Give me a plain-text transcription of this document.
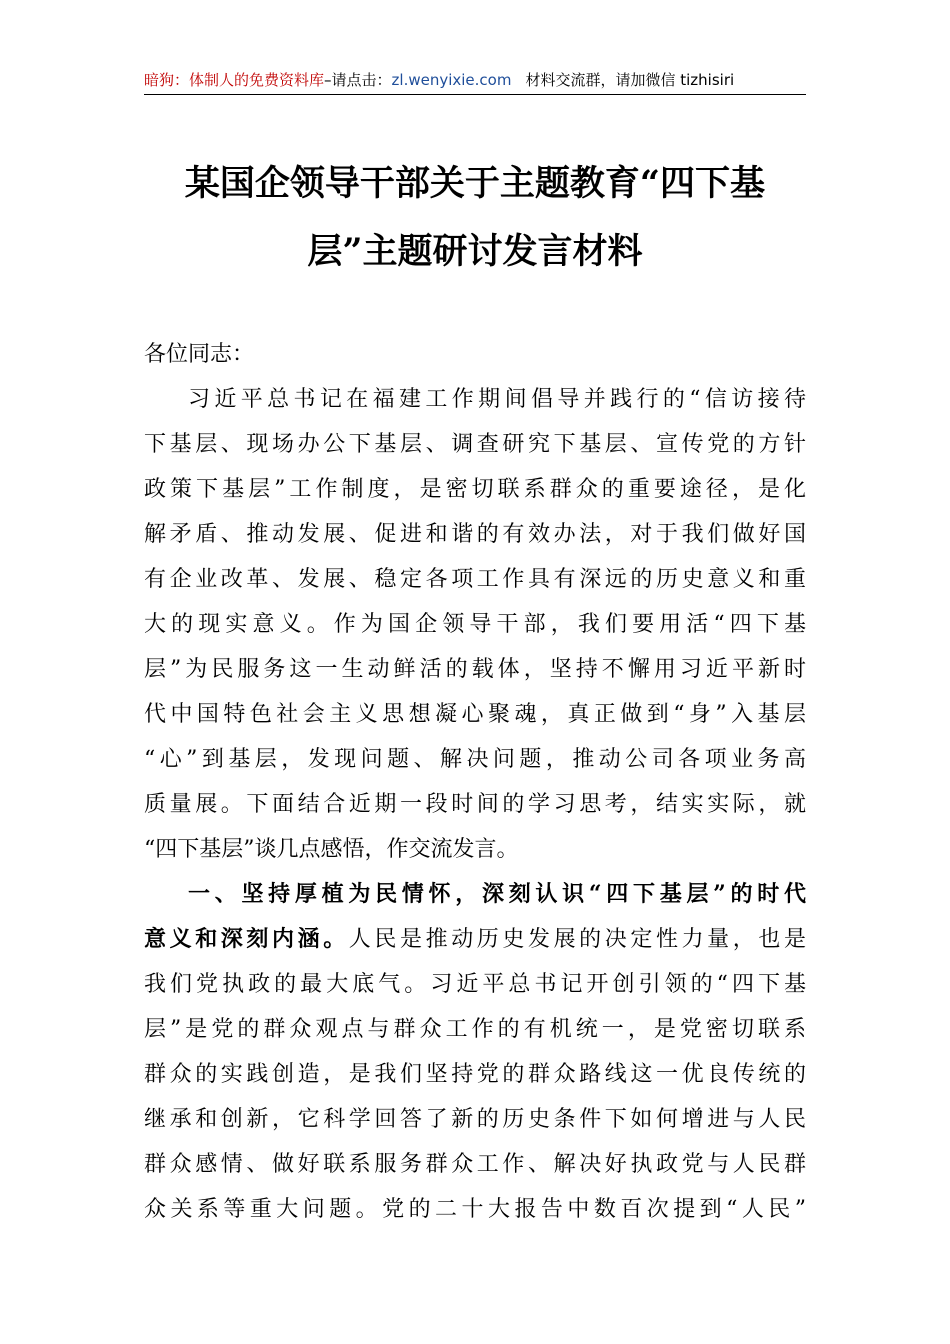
暗狗：体制人的免费资料库–请点击：zl.wenyixie.com 材料交流群，请加微信 tizhisiri
某国企领导干部关于主题教育“四下基
层”主题研讨发言材料
各位同志：
习近平总书记在福建工作期间倡导并践行的“信访接待
下基层、现场办公下基层、调查研究下基层、宣传党的方针
政策下基层”工作制度，是密切联系群众的重要途径，是化
解矛盾、推动发展、促进和谐的有效办法，对于我们做好国
有企业改革、发展、稳定各项工作具有深远的历史意义和重
大的现实意义。作为国企领导干部，我们要用活“四下基
层”为民服务这一生动鲜活的载体，坚持不懈用习近平新时
代中国特色社会主义思想凝心聚魂，真正做到“身”入基层
“心”到基层，发现问题、解决问题，推动公司各项业务高
质量展。下面结合近期一段时间的学习思考，结实实际，就
“四下基层”谈几点感悟，作交流发言。
一、坚持厚植为民情怀，深刻认识“四下基层”的时代
意义和深刻内涵。人民是推动历史发展的决定性力量，也是
我们党执政的最大底气。习近平总书记开创引领的“四下基
层”是党的群众观点与群众工作的有机统一，是党密切联系
群众的实践创造，是我们坚持党的群众路线这一优良传统的
继承和创新，它科学回答了新的历史条件下如何增进与人民
群众感情、做好联系服务群众工作、解决好执政党与人民群
众关系等重大问题。党的二十大报告中数百次提到“人民”
